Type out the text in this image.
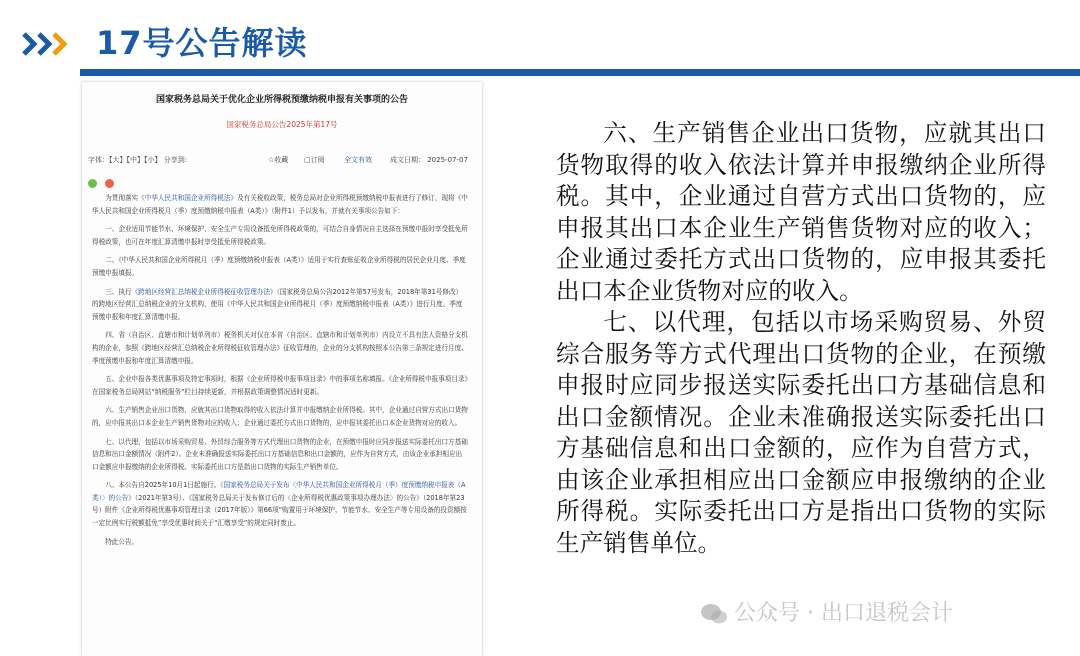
17号公告解读
国家税务总局关于优化企业所得税预缴纳税申报有关事项的公告
国家税务总局公告2025年第17号
字体：【大】【中】【小】 分享到:	☆收藏 ▢订阅	全文有效	成文日期： 2025-07-07

为贯彻落实《中华人民共和国企业所得税法》及有关税收政策，税务总局对企业所得税预缴纳税申报表进行了修订，现将《中华人民共和国企业所得税月（季）度预缴纳税申报表（A类）》（附件1）予以发布，并就有关事项公告如下：

一、企业适用节能节水、环境保护、安全生产专用设备抵免所得税政策的，可结合自身情况自主选择在预缴申报时享受抵免所得税政策，也可在年度汇算清缴申报时享受抵免所得税政策。

二、《中华人民共和国企业所得税月（季）度预缴纳税申报表（A类）》适用于实行查账征收企业所得税的居民企业月度、季度预缴申报填报。

三、执行《跨地区经营汇总纳税企业所得税征收管理办法》（国家税务总局公告2012年第57号发布，2018年第31号修改）的跨地区经营汇总纳税企业的分支机构，使用《中华人民共和国企业所得税月（季）度预缴纳税申报表（A类）》进行月度、季度预缴申报和年度汇算清缴申报。

四、省（自治区、直辖市和计划单列市）税务机关对仅在本省（自治区、直辖市和计划单列市）内设立不具有法人资格分支机构的企业，参照《跨地区经营汇总纳税企业所得税征收管理办法》征收管理的，企业的分支机构按照本公告第三条规定进行月度、季度预缴申报和年度汇算清缴申报。

五、企业申报各类优惠事项及特定事项时，根据《企业所得税申报事项目录》中的事项名称填报。《企业所得税申报事项目录》在国家税务总局网站“纳税服务”栏目持续更新，并根据政策调整情况适时更新。

六、生产销售企业出口货物，应就其出口货物取得的收入依法计算并申报缴纳企业所得税。其中，企业通过自营方式出口货物的，应申报其出口本企业生产销售货物对应的收入；企业通过委托方式出口货物的，应申报其委托出口本企业货物对应的收入。

七、以代理，包括以市场采购贸易、外贸综合服务等方式代理出口货物的企业，在预缴申报时应同步报送实际委托出口方基础信息和出口金额情况（附件2）。企业未准确报送实际委托出口方基础信息和出口金额的，应作为自营方式，由该企业承担相应出口金额应申报缴纳的企业所得税。实际委托出口方是指出口货物的实际生产销售单位。

八、本公告自2025年10月1日起施行。《国家税务总局关于发布〈中华人民共和国企业所得税月（季）度预缴纳税申报表（A类）〉的公告》（2021年第3号）、《国家税务总局关于发布修订后的〈企业所得税优惠政策事项办理办法〉的公告》（2018年第23号）附件《企业所得税优惠事项管理目录（2017年版）》第66项“购置用于环境保护、节能节水、安全生产等专用设备的投资额按一定比例实行税额抵免”享受优惠时间关于“汇缴享受”的规定同时废止。

特此公告。

六、生产销售企业出口货物，应就其出口货物取得的收入依法计算并申报缴纳企业所得税。其中，企业通过自营方式出口货物的，应申报其出口本企业生产销售货物对应的收入；企业通过委托方式出口货物的，应申报其委托出口本企业货物对应的收入。

七、以代理，包括以市场采购贸易、外贸综合服务等方式代理出口货物的企业，在预缴申报时应同步报送实际委托出口方基础信息和出口金额情况。企业未准确报送实际委托出口方基础信息和出口金额的，应作为自营方式，由该企业承担相应出口金额应申报缴纳的企业所得税。实际委托出口方是指出口货物的实际生产销售单位。

公众号 · 出口退税会计
